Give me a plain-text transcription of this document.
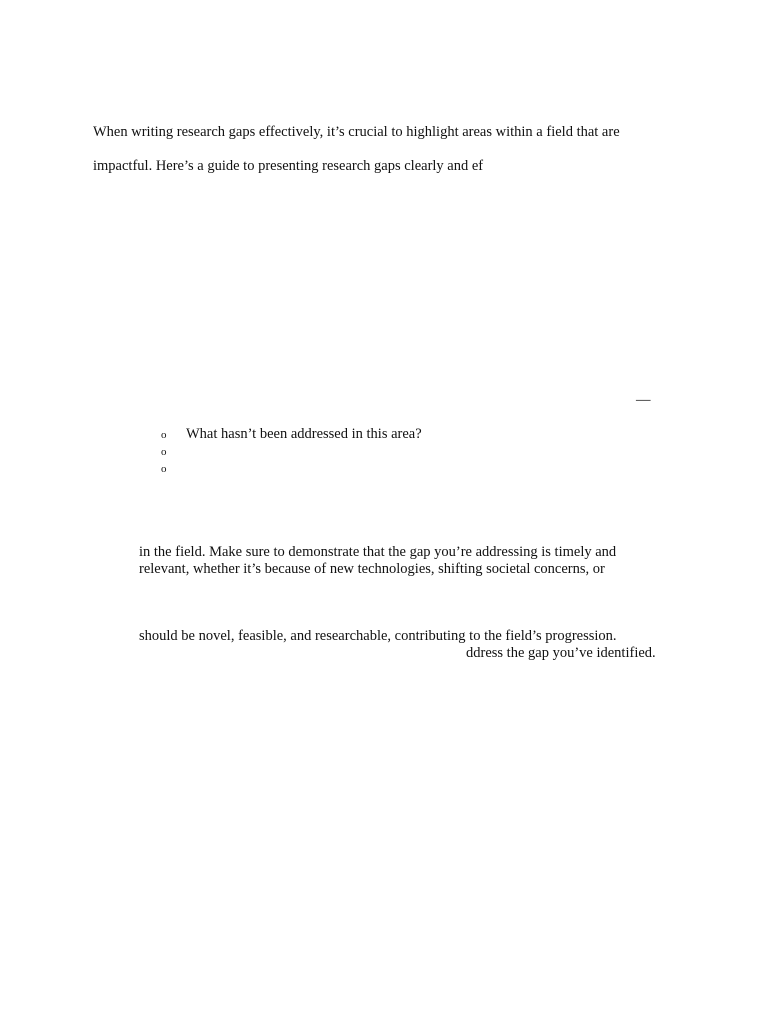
When writing research gaps effectively, it’s crucial to highlight areas within a field that are
impactful. Here’s a guide to presenting research gaps clearly and ef
—
o What hasn’t been addressed in this area?
o
o
in the field. Make sure to demonstrate that the gap you’re addressing is timely and
relevant, whether it’s because of new technologies, shifting societal concerns, or
should be novel, feasible, and researchable, contributing to the field’s progression.
ddress the gap you’ve identified.
